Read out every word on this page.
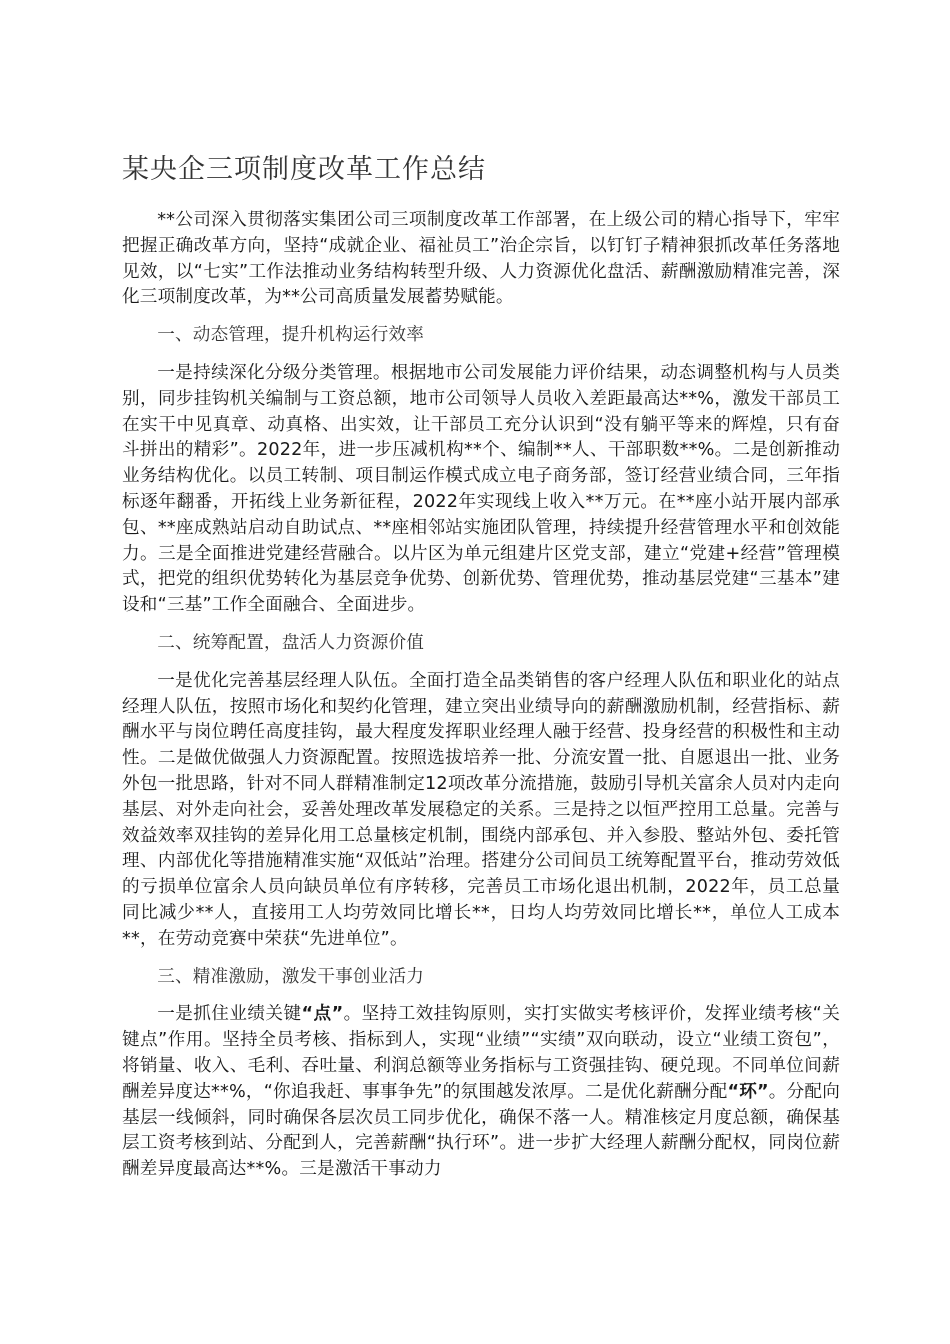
某央企三项制度改革工作总结

**公司深入贯彻落实集团公司三项制度改革工作部署，在上级公司的精心指导下，牢牢把握正确改革方向，坚持“成就企业、福祉员工”治企宗旨，以钉钉子精神狠抓改革任务落地见效，以“七实”工作法推动业务结构转型升级、人力资源优化盘活、薪酬激励精准完善，深化三项制度改革，为**公司高质量发展蓄势赋能。

一、动态管理，提升机构运行效率

一是持续深化分级分类管理。根据地市公司发展能力评价结果，动态调整机构与人员类别，同步挂钩机关编制与工资总额，地市公司领导人员收入差距最高达**%，激发干部员工在实干中见真章、动真格、出实效，让干部员工充分认识到“没有躺平等来的辉煌，只有奋斗拼出的精彩”。2022年，进一步压减机构**个、编制**人、干部职数**%。二是创新推动业务结构优化。以员工转制、项目制运作模式成立电子商务部，签订经营业绩合同，三年指标逐年翻番，开拓线上业务新征程，2022年实现线上收入**万元。在**座小站开展内部承包、**座成熟站启动自助试点、**座相邻站实施团队管理，持续提升经营管理水平和创效能力。三是全面推进党建经营融合。以片区为单元组建片区党支部，建立“党建+经营”管理模式，把党的组织优势转化为基层竞争优势、创新优势、管理优势，推动基层党建“三基本”建设和“三基”工作全面融合、全面进步。

二、统筹配置，盘活人力资源价值

一是优化完善基层经理人队伍。全面打造全品类销售的客户经理人队伍和职业化的站点经理人队伍，按照市场化和契约化管理，建立突出业绩导向的薪酬激励机制，经营指标、薪酬水平与岗位聘任高度挂钩，最大程度发挥职业经理人融于经营、投身经营的积极性和主动性。二是做优做强人力资源配置。按照选拔培养一批、分流安置一批、自愿退出一批、业务外包一批思路，针对不同人群精准制定12项改革分流措施，鼓励引导机关富余人员对内走向基层、对外走向社会，妥善处理改革发展稳定的关系。三是持之以恒严控用工总量。完善与效益效率双挂钩的差异化用工总量核定机制，围绕内部承包、并入参股、整站外包、委托管理、内部优化等措施精准实施“双低站”治理。搭建分公司间员工统筹配置平台，推动劳效低的亏损单位富余人员向缺员单位有序转移，完善员工市场化退出机制，2022年，员工总量同比减少**人，直接用工人均劳效同比增长**，日均人均劳效同比增长**，单位人工成本**，在劳动竞赛中荣获“先进单位”。

三、精准激励，激发干事创业活力

一是抓住业绩关键“点”。坚持工效挂钩原则，实打实做实考核评价，发挥业绩考核“关键点”作用。坚持全员考核、指标到人，实现“业绩”“实绩”双向联动，设立“业绩工资包”，将销量、收入、毛利、吞吐量、利润总额等业务指标与工资强挂钩、硬兑现。不同单位间薪酬差异度达**%，“你追我赶、事事争先”的氛围越发浓厚。二是优化薪酬分配“环”。分配向基层一线倾斜，同时确保各层次员工同步优化，确保不落一人。精准核定月度总额，确保基层工资考核到站、分配到人，完善薪酬“执行环”。进一步扩大经理人薪酬分配权，同岗位薪酬差异度最高达**%。三是激活干事动力
